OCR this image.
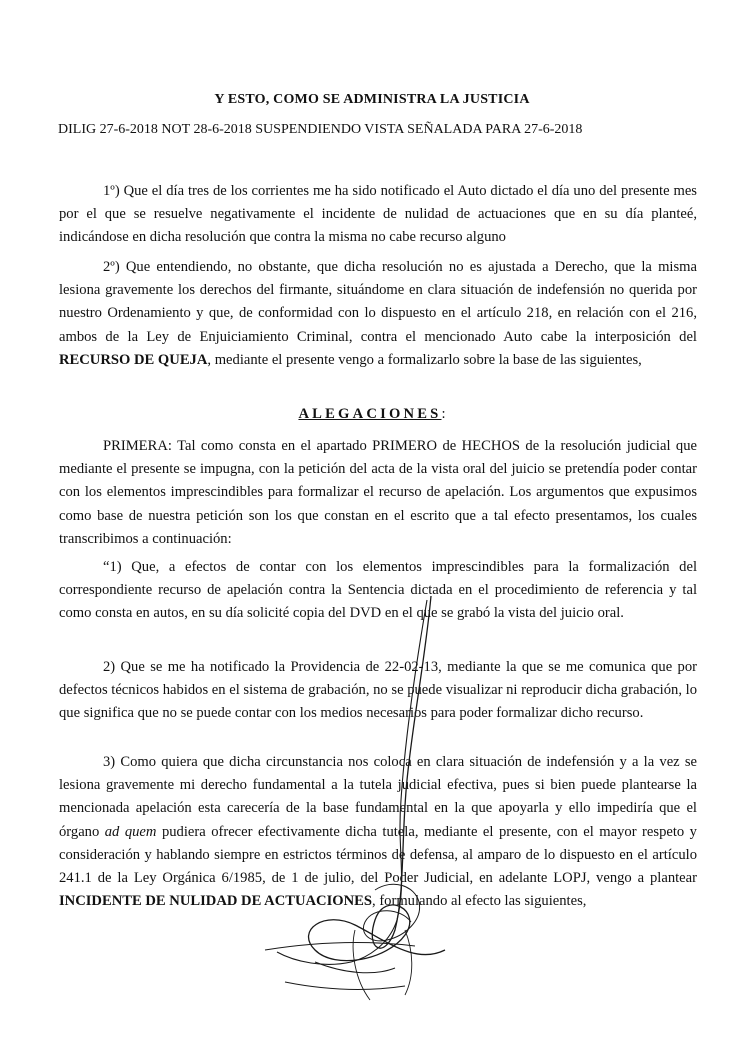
Y ESTO, COMO SE ADMINISTRA LA JUSTICIA
DILIG 27-6-2018 NOT 28-6-2018 SUSPENDIENDO VISTA SEÑALADA PARA 27-6-2018

1º) Que el día tres de los corrientes me ha sido notificado el Auto dictado el día uno del presente mes por el que se resuelve negativamente el incidente de nulidad de actuaciones que en su día planteé, indicándose en dicha resolución que contra la misma no cabe recurso alguno

2º) Que entendiendo, no obstante, que dicha resolución no es ajustada a Derecho, que la misma lesiona gravemente los derechos del firmante, situándome en clara situación de indefensión no querida por nuestro Ordenamiento y que, de conformidad con lo dispuesto en el artículo 218, en relación con el 216, ambos de la Ley de Enjuiciamiento Criminal, contra el mencionado Auto cabe la interposición del RECURSO DE QUEJA, mediante el presente vengo a formalizarlo sobre la base de las siguientes,

ALEGACIONES:

PRIMERA: Tal como consta en el apartado PRIMERO de HECHOS de la resolución judicial que mediante el presente se impugna, con la petición del acta de la vista oral del juicio se pretendía poder contar con los elementos imprescindibles para formalizar el recurso de apelación. Los argumentos que expusimos como base de nuestra petición son los que constan en el escrito que a tal efecto presentamos, los cuales transcribimos a continuación:

“1) Que, a efectos de contar con los elementos imprescindibles para la formalización del correspondiente recurso de apelación contra la Sentencia dictada en el procedimiento de referencia y tal como consta en autos, en su día solicité copia del DVD en el que se grabó la vista del juicio oral.

2) Que se me ha notificado la Providencia de 22-02-13, mediante la que se me comunica que por defectos técnicos habidos en el sistema de grabación, no se puede visualizar ni reproducir dicha grabación, lo que significa que no se puede contar con los medios necesarios para poder formalizar dicho recurso.

3) Como quiera que dicha circunstancia nos coloca en clara situación de indefensión y a la vez se lesiona gravemente mi derecho fundamental a la tutela judicial efectiva, pues si bien puede plantearse la mencionada apelación esta carecería de la base fundamental en la que apoyarla y ello impediría que el órgano ad quem pudiera ofrecer efectivamente dicha tutela, mediante el presente, con el mayor respeto y consideración y hablando siempre en estrictos términos de defensa, al amparo de lo dispuesto en el artículo 241.1 de la Ley Orgánica 6/1985, de 1 de julio, del Poder Judicial, en adelante LOPJ, vengo a plantear INCIDENTE DE NULIDAD DE ACTUACIONES, formulando al efecto las siguientes,
